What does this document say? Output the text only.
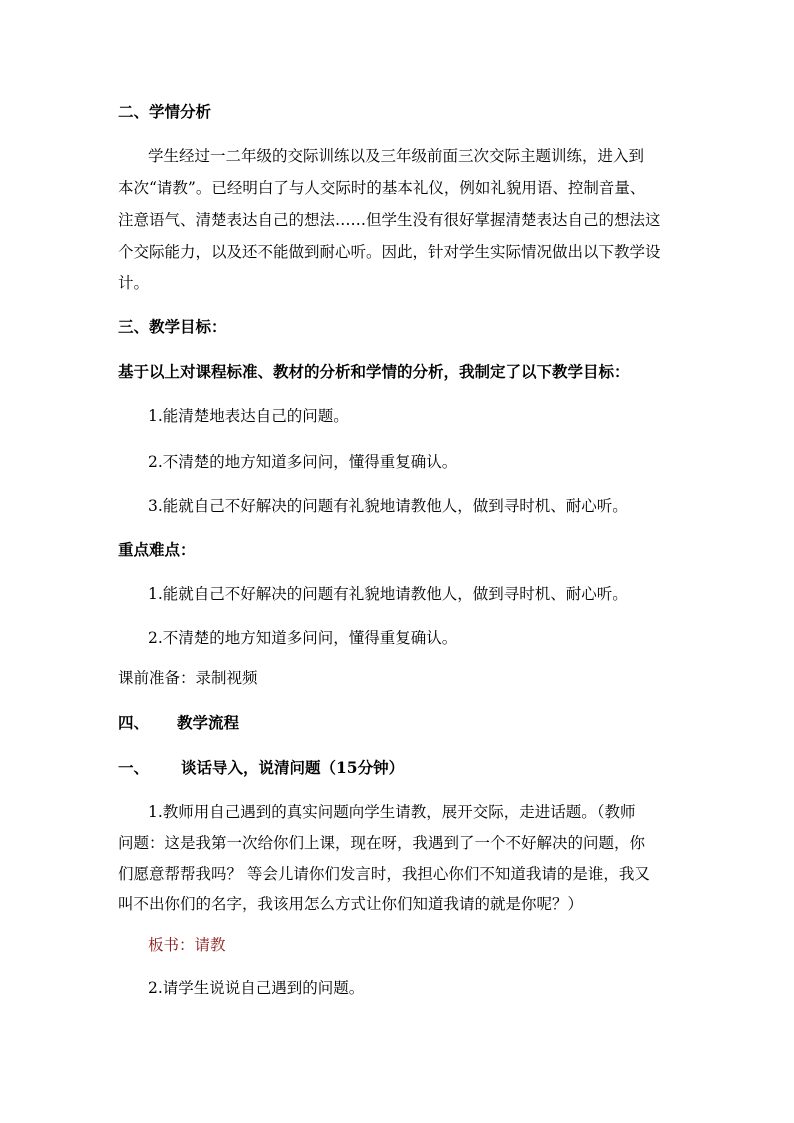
二、学情分析
学生经过一二年级的交际训练以及三年级前面三次交际主题训练，进入到
本次“请教”。已经明白了与人交际时的基本礼仪，例如礼貌用语、控制音量、
注意语气、清楚表达自己的想法……但学生没有很好掌握清楚表达自己的想法这
个交际能力，以及还不能做到耐心听。因此，针对学生实际情况做出以下教学设
计。
三、教学目标：
基于以上对课程标准、教材的分析和学情的分析，我制定了以下教学目标：
1.能清楚地表达自己的问题。
2.不清楚的地方知道多问问，懂得重复确认。
3.能就自己不好解决的问题有礼貌地请教他人，做到寻时机、耐心听。
重点难点：
1.能就自己不好解决的问题有礼貌地请教他人，做到寻时机、耐心听。
2.不清楚的地方知道多问问，懂得重复确认。
课前准备：录制视频
四、 教学流程
一、 谈话导入，说清问题（15分钟）
1.教师用自己遇到的真实问题向学生请教，展开交际，走进话题。（教师
问题：这是我第一次给你们上课，现在呀，我遇到了一个不好解决的问题，你
们愿意帮帮我吗？ 等会儿请你们发言时，我担心你们不知道我请的是谁，我又
叫不出你们的名字，我该用怎么方式让你们知道我请的就是你呢？）
板书：请教
2.请学生说说自己遇到的问题。
